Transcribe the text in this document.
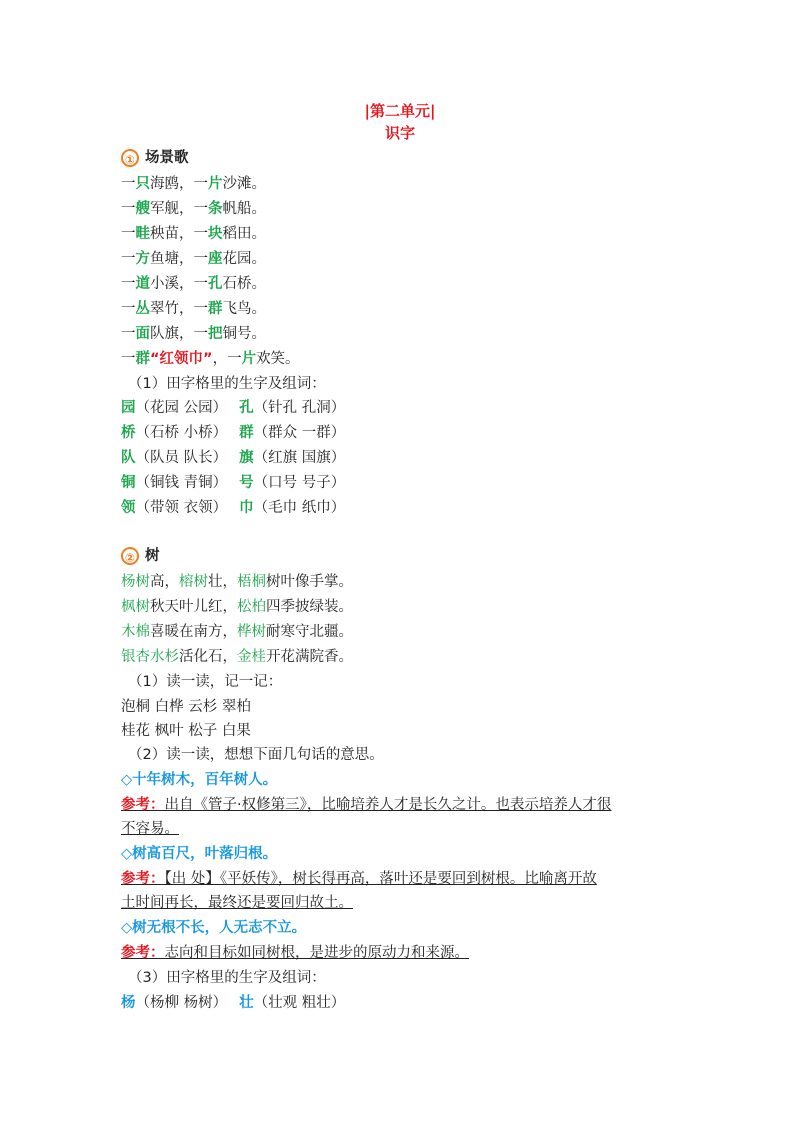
|第二单元|
识字
① 场景歌
一只海鸥，一片沙滩。
一艘军舰，一条帆船。
一畦秧苗，一块稻田。
一方鱼塘，一座花园。
一道小溪，一孔石桥。
一丛翠竹，一群飞鸟。
一面队旗，一把铜号。
一群“红领巾”，一片欢笑。
（1）田字格里的生字及组词：
园（花园 公园） 孔（针孔 孔洞）
桥（石桥 小桥） 群（群众 一群）
队（队员 队长） 旗（红旗 国旗）
铜（铜钱 青铜） 号（口号 号子）
领（带领 衣领） 巾（毛巾 纸巾）
② 树
杨树高，榕树壮，梧桐树叶像手掌。
枫树秋天叶儿红，松柏四季披绿装。
木棉喜暖在南方，桦树耐寒守北疆。
银杏水杉活化石，金桂开花满院香。
（1）读一读，记一记：
泡桐 白桦 云杉 翠柏
桂花 枫叶 松子 白果
（2）读一读，想想下面几句话的意思。
◇十年树木，百年树人。
参考：出自《管子·权修第三》，比喻培养人才是长久之计。也表示培养人才很
不容易。
◇树高百尺，叶落归根。
参考：【出 处】《平妖传》，树长得再高，落叶还是要回到树根。比喻离开故
土时间再长，最终还是要回归故土。
◇树无根不长，人无志不立。
参考：志向和目标如同树根，是进步的原动力和来源。
（3）田字格里的生字及组词：
杨（杨柳 杨树） 壮（壮观 粗壮）
